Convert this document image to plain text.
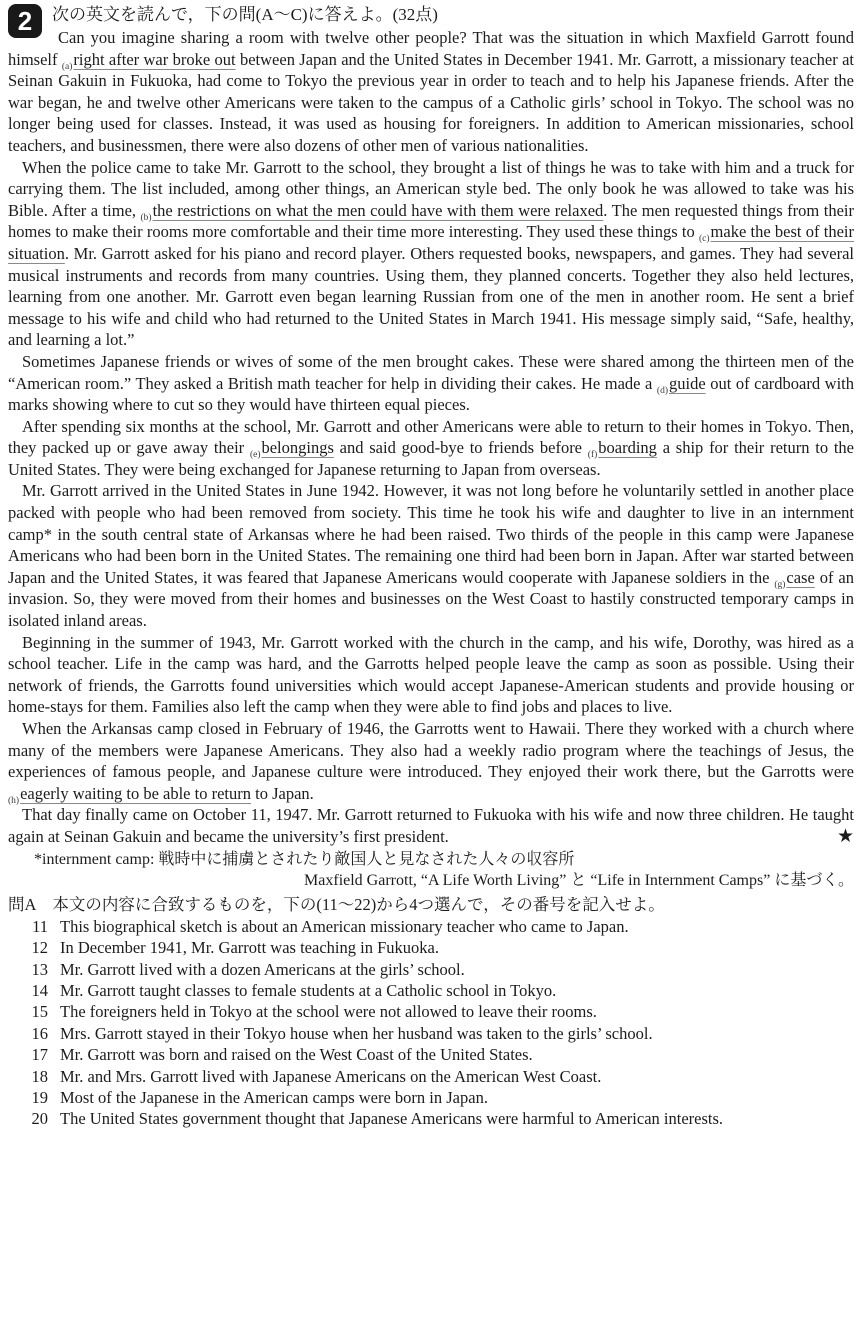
2	次の英文を読んで，下の問(A～C)に答えよ。(32点)

Can you imagine sharing a room with twelve other people? That was the situation in which Maxfield Garrott found himself $_{(a)}$right after war broke out between Japan and the United States in December 1941. Mr. Garrott, a missionary teacher at Seinan Gakuin in Fukuoka, had come to Tokyo the previous year in order to teach and to help his Japanese friends. After the war began, he and twelve other Americans were taken to the campus of a Catholic girls’ school in Tokyo. The school was no longer being used for classes. Instead, it was used as housing for foreigners. In addition to American missionaries, school teachers, and businessmen, there were also dozens of other men of various nationalities.

When the police came to take Mr. Garrott to the school, they brought a list of things he was to take with him and a truck for carrying them. The list included, among other things, an American style bed. The only book he was allowed to take was his Bible. After a time, $_{(b)}$the restrictions on what the men could have with them were relaxed. The men requested things from their homes to make their rooms more comfortable and their time more interesting. They used these things to $_{(c)}$make the best of their situation. Mr. Garrott asked for his piano and record player. Others requested books, newspapers, and games. They had several musical instruments and records from many countries. Using them, they planned concerts. Together they also held lectures, learning from one another. Mr. Garrott even began learning Russian from one of the men in another room. He sent a brief message to his wife and child who had returned to the United States in March 1941. His message simply said, “Safe, healthy, and learning a lot.”

Sometimes Japanese friends or wives of some of the men brought cakes. These were shared among the thirteen men of the “American room.” They asked a British math teacher for help in dividing their cakes. He made a $_{(d)}$guide out of cardboard with marks showing where to cut so they would have thirteen equal pieces.

After spending six months at the school, Mr. Garrott and other Americans were able to return to their homes in Tokyo. Then, they packed up or gave away their $_{(e)}$belongings and said good-bye to friends before $_{(f)}$boarding a ship for their return to the United States. They were being exchanged for Japanese returning to Japan from overseas.

Mr. Garrott arrived in the United States in June 1942. However, it was not long before he voluntarily settled in another place packed with people who had been removed from society. This time he took his wife and daughter to live in an internment camp* in the south central state of Arkansas where he had been raised. Two thirds of the people in this camp were Japanese Americans who had been born in the United States. The remaining one third had been born in Japan. After war started between Japan and the United States, it was feared that Japanese Americans would cooperate with Japanese soldiers in the $_{(g)}$case of an invasion. So, they were moved from their homes and businesses on the West Coast to hastily constructed temporary camps in isolated inland areas.

Beginning in the summer of 1943, Mr. Garrott worked with the church in the camp, and his wife, Dorothy, was hired as a school teacher. Life in the camp was hard, and the Garrotts helped people leave the camp as soon as possible. Using their network of friends, the Garrotts found universities which would accept Japanese-American students and provide housing or home-stays for them. Families also left the camp when they were able to find jobs and places to live.

When the Arkansas camp closed in February of 1946, the Garrotts went to Hawaii. There they worked with a church where many of the members were Japanese Americans. They also had a weekly radio program where the teachings of Jesus, the experiences of famous people, and Japanese culture were introduced. They enjoyed their work there, but the Garrotts were $_{(h)}$eagerly waiting to be able to return to Japan.

That day finally came on October 11, 1947. Mr. Garrott returned to Fukuoka with his wife and now three children. He taught again at Seinan Gakuin and became the university’s first president.	★

*internment camp: 戦時中に捕虜とされたり敵国人と見なされた人々の収容所
Maxfield Garrott, “A Life Worth Living” と “Life in Internment Camps” に基づく。
問A 本文の内容に合致するものを，下の(11～22)から4つ選んで，その番号を記入せよ。
11 This biographical sketch is about an American missionary teacher who came to Japan.
12 In December 1941, Mr. Garrott was teaching in Fukuoka.
13 Mr. Garrott lived with a dozen Americans at the girls’ school.
14 Mr. Garrott taught classes to female students at a Catholic school in Tokyo.
15 The foreigners held in Tokyo at the school were not allowed to leave their rooms.
16 Mrs. Garrott stayed in their Tokyo house when her husband was taken to the girls’ school.
17 Mr. Garrott was born and raised on the West Coast of the United States.
18 Mr. and Mrs. Garrott lived with Japanese Americans on the American West Coast.
19 Most of the Japanese in the American camps were born in Japan.
20 The United States government thought that Japanese Americans were harmful to American interests.
